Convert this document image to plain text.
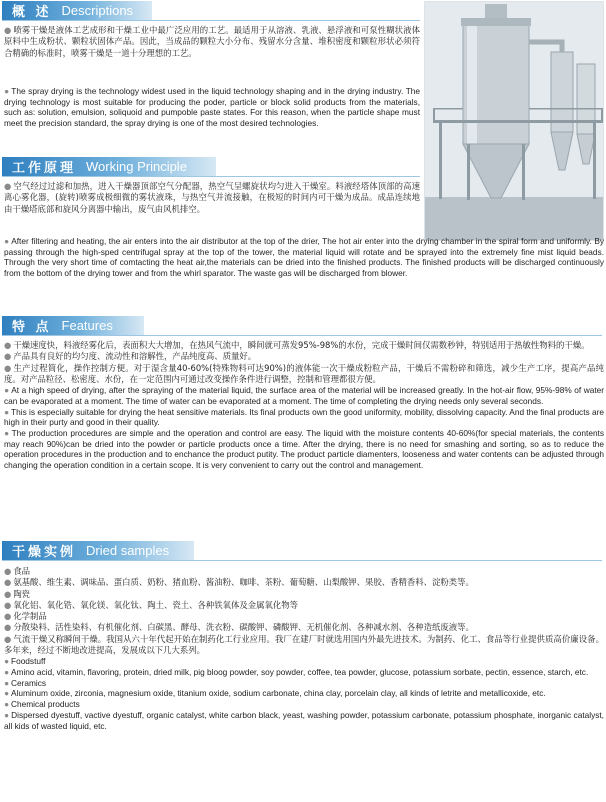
概 述 Descriptions

● 喷雾干燥是液体工艺成形和干燥工业中最广泛应用的工艺。最适用于从溶液、乳液、悬浮液和可泵性糊状液体原料中生成粉状、颗粒状固体产品。因此，当成品的颗粒大小分布、残留水分含量、堆积密度和颗粒形状必须符合精确的标准时，喷雾干燥是一道十分理想的工艺。

● The spray drying is the technology widest used in the liquid technology shaping and in the drying industry. The drying technology is most suitable for producing the poder, particle or block solid products from the materials, such as: solution, emulsion, soliquoid and pumpoble paste states. For this reason, when the particle shape must meet the precision standard, the spray drying is one of the most desired technologies.

工作原理 Working Principle

● 空气经过过滤和加热，进入干燥器顶部空气分配器，热空气呈螺旋状均匀进入干燥室。料液经塔体顶部的高速离心雾化器，(旋转)喷雾成极细微的雾状液珠，与热空气并流接触，在极短的时间内可干燥为成品。成品连续地由干燥塔底部和旋风分离器中输出，废气由风机排空。

● After filtering and heating, the air enters into the air distributor at the top of the drier, The hot air enter into the drying chamber in the spiral form and uniformly. By passing through the high-sped centrifugal spray at the top of the tower, the material liquid will rotate and be sprayed into the extremely fine mist liquid beads. Through the very short time of comtacting the heat air,the materials can be dried into the finished products. The finished products will be discharged continuously from the bottom of the drying tower and from the whirl sparator. The waste gas will be discharged from blower.

特 点 Features

● 干燥速度快，料液经雾化后，表面积大大增加，在热风气流中，瞬间就可蒸发95%-98%的水份，完成干燥时间仅需数秒钟，特别适用于热敏性物料的干燥。

● 产品具有良好的均匀度、流动性和溶解性，产品纯度高、质量好。

● 生产过程简化，操作控制方便。对于湿含量40-60%(特殊物料可达90%)的液体能一次干燥成粉粒产品，干燥后不需粉碎和筛选，减少生产工序，提高产品纯度。对产品粒径、松密度、水份，在一定范围内可通过改变操作条件进行调整，控制和管理都很方便。

● At a high speed of drying, after the spraying of the material liquid, the surface area of the material will be increased greatly. In the hot-air flow, 95%-98% of water can be evaporated at a moment. The time of water can be evaporated at a moment. The time of completing the drying needs only several seconds.

● This is especially suitable for drying the heat sensitive materials. Its final products own the good uniformity, mobility, dissolving capacity. And the final products are high in their purty and good in their quality.

● The production procedures are simple and the operation and control are easy. The liquid with the moisture contents 40-60%(for special materials, the contents may reach 90%)can be dried into the powder or particle products once a time. After the drying, there is no need for smashing and sorting, so as to reduce the operation procedures in the production and to enchance the product putity. The product particle diamenters, looseness and water contents can be adjusted through changing the operation condition in a certain scope. It is very convenient to carry out the control and management.

干燥实例 Dried samples

● 食品

● 氨基酸、维生素、调味品、蛋白质、奶粉、猪血粉、酱油粉、咖啡、茶粉、葡萄糖、山梨酸钾、果胶、香精香料、淀粉类等。

● 陶瓷

● 氧化铝、氧化锆、氧化镁、氧化钛、陶土、瓷土、各种铁氧体及金属氧化物等

● 化学制品

● 分散染料、活性染料、有机催化剂、白碳黑、酵母、洗衣粉、碳酸钾、磷酸钾、无机催化剂、各种减水剂、各种造纸废液等。

● 气流干燥又称瞬间干燥。我国从六十年代起开始在制药化工行业应用。我厂在建厂时就选用国内外最先进技术。为制药、化工、食品等行业提供质高价廉设备。多年来，经过不断地改进提高，发展成以下几大系列。

● Foodstuff

● Amino acid, vitamin, flavoring, protein, dried milk, pig bloog powder, soy powder, coffee, tea powder, glucose, potassium sorbate, pectin, essence, starch, etc.

● Ceramics

● Aluminum oxide, zirconia, magnesium oxide, titanium oxide, sodium carbonate, china clay, porcelain clay, all kinds of letrite and metallicoxide, etc.

● Chemical products

● Dispersed dyestuff, vactive dyestuff, organic catalyst, white carbon black, yeast, washing powder, potassium carbonate, potassium phosphate, inorganic catalyst, all kids of wasted liquid, etc.
